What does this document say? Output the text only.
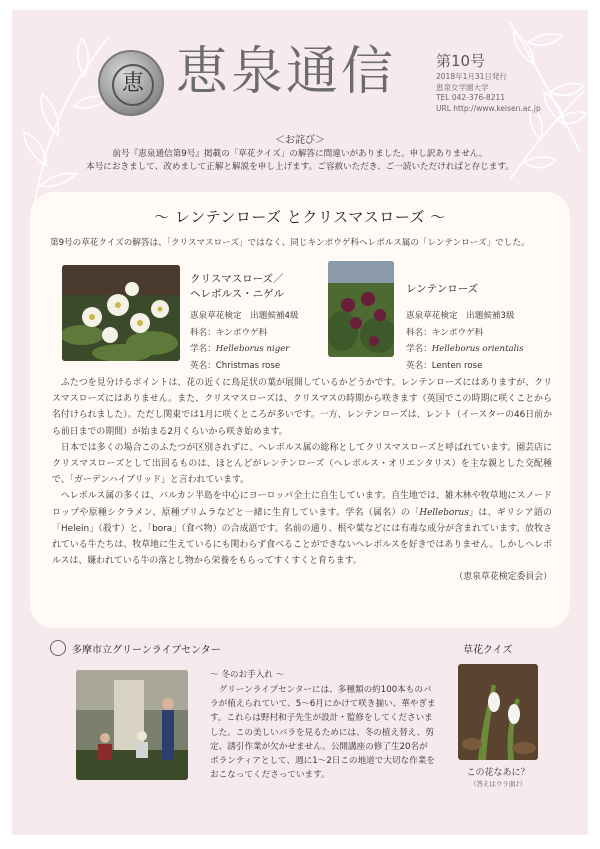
恵 恵泉通信	第10号
2018年1月31日発行
恵泉女学園大学
TEL 042-376-8211
URL http://www.keisen.ac.jp
＜お詫び＞
前号『恵泉通信第9号』掲載の「草花クイズ」の解答に間違いがありました。申し訳ありません。
本号におきまして、改めまして正解と解説を申し上げます。ご容赦いただき、ご一読いただければと存じます。
～ レンテンローズ とクリスマスローズ ～
第9号の草花クイズの解答は、「クリスマスローズ」ではなく、同じキンポウゲ科ヘレボルス属の「レンテンローズ」でした。
クリスマスローズ／
ヘレボルス・ニゲル
恵泉草花検定　出題候補4級
科名：キンポウゲ科
学名：Helleborus niger
英名：Christmas rose
レンテンローズ
恵泉草花検定　出題候補3級
科名：キンポウゲ科
学名：Helleborus orientalis
英名：Lenten rose

ふたつを見分けるポイントは、花の近くに鳥足状の葉が展開しているかどうかです。レンテンローズにはありますが、クリスマスローズにはありません。また、クリスマスローズは、クリスマスの時期から咲きます（英国でこの時期に咲くことから名付けられました）。ただし関東では1月に咲くところが多いです。一方、レンテンローズは、レント（イースターの46日前から前日までの期間）が始まる2月くらいから咲き始めます。

日本では多くの場合このふたつが区別されずに、ヘレボルス属の総称としてクリスマスローズと呼ばれています。園芸店にクリスマスローズとして出回るものは、ほとんどがレンテンローズ（ヘレボルス・オリエンタリス）を主な親とした交配種で、「ガーデンハイブリッド」と言われています。

ヘレボルス属の多くは、バルカン半島を中心にヨーロッパ全土に自生しています。自生地では、雑木林や牧草地にスノードロップや原種シクラメン、原種プリムラなどと一緒に生育しています。学名（属名）の「Helleborus」は、ギリシア語の「Helein」（殺す）と、「bora」（食べ物）の合成語です。名前の通り、根や葉などには有毒な成分が含まれています。放牧されている牛たちは、牧草地に生えているにも関わらず食べることができないヘレボルスを好きではありません。しかしヘレボルスは、嫌われている牛の落とし物から栄養をもらってすくすくと育ちます。

（恵泉草花検定委員会）
多摩市立グリーンライブセンター
～ 冬のお手入れ ～

グリーンライブセンターには、多種類の約100本ものバラが植えられていて、5～6月にかけて咲き揃い、華やぎます。これらは野村和子先生が設計・監修をしてくださいました。この美しいバラを見るためには、冬の植え替え、剪定、誘引作業が欠かせません。公開講座の修了生20名がボランティアとして、週に1～2日この地道で大切な作業をおこなってくださっています。

草花クイズ
この花なあに？
（答えはウラ面♪）
